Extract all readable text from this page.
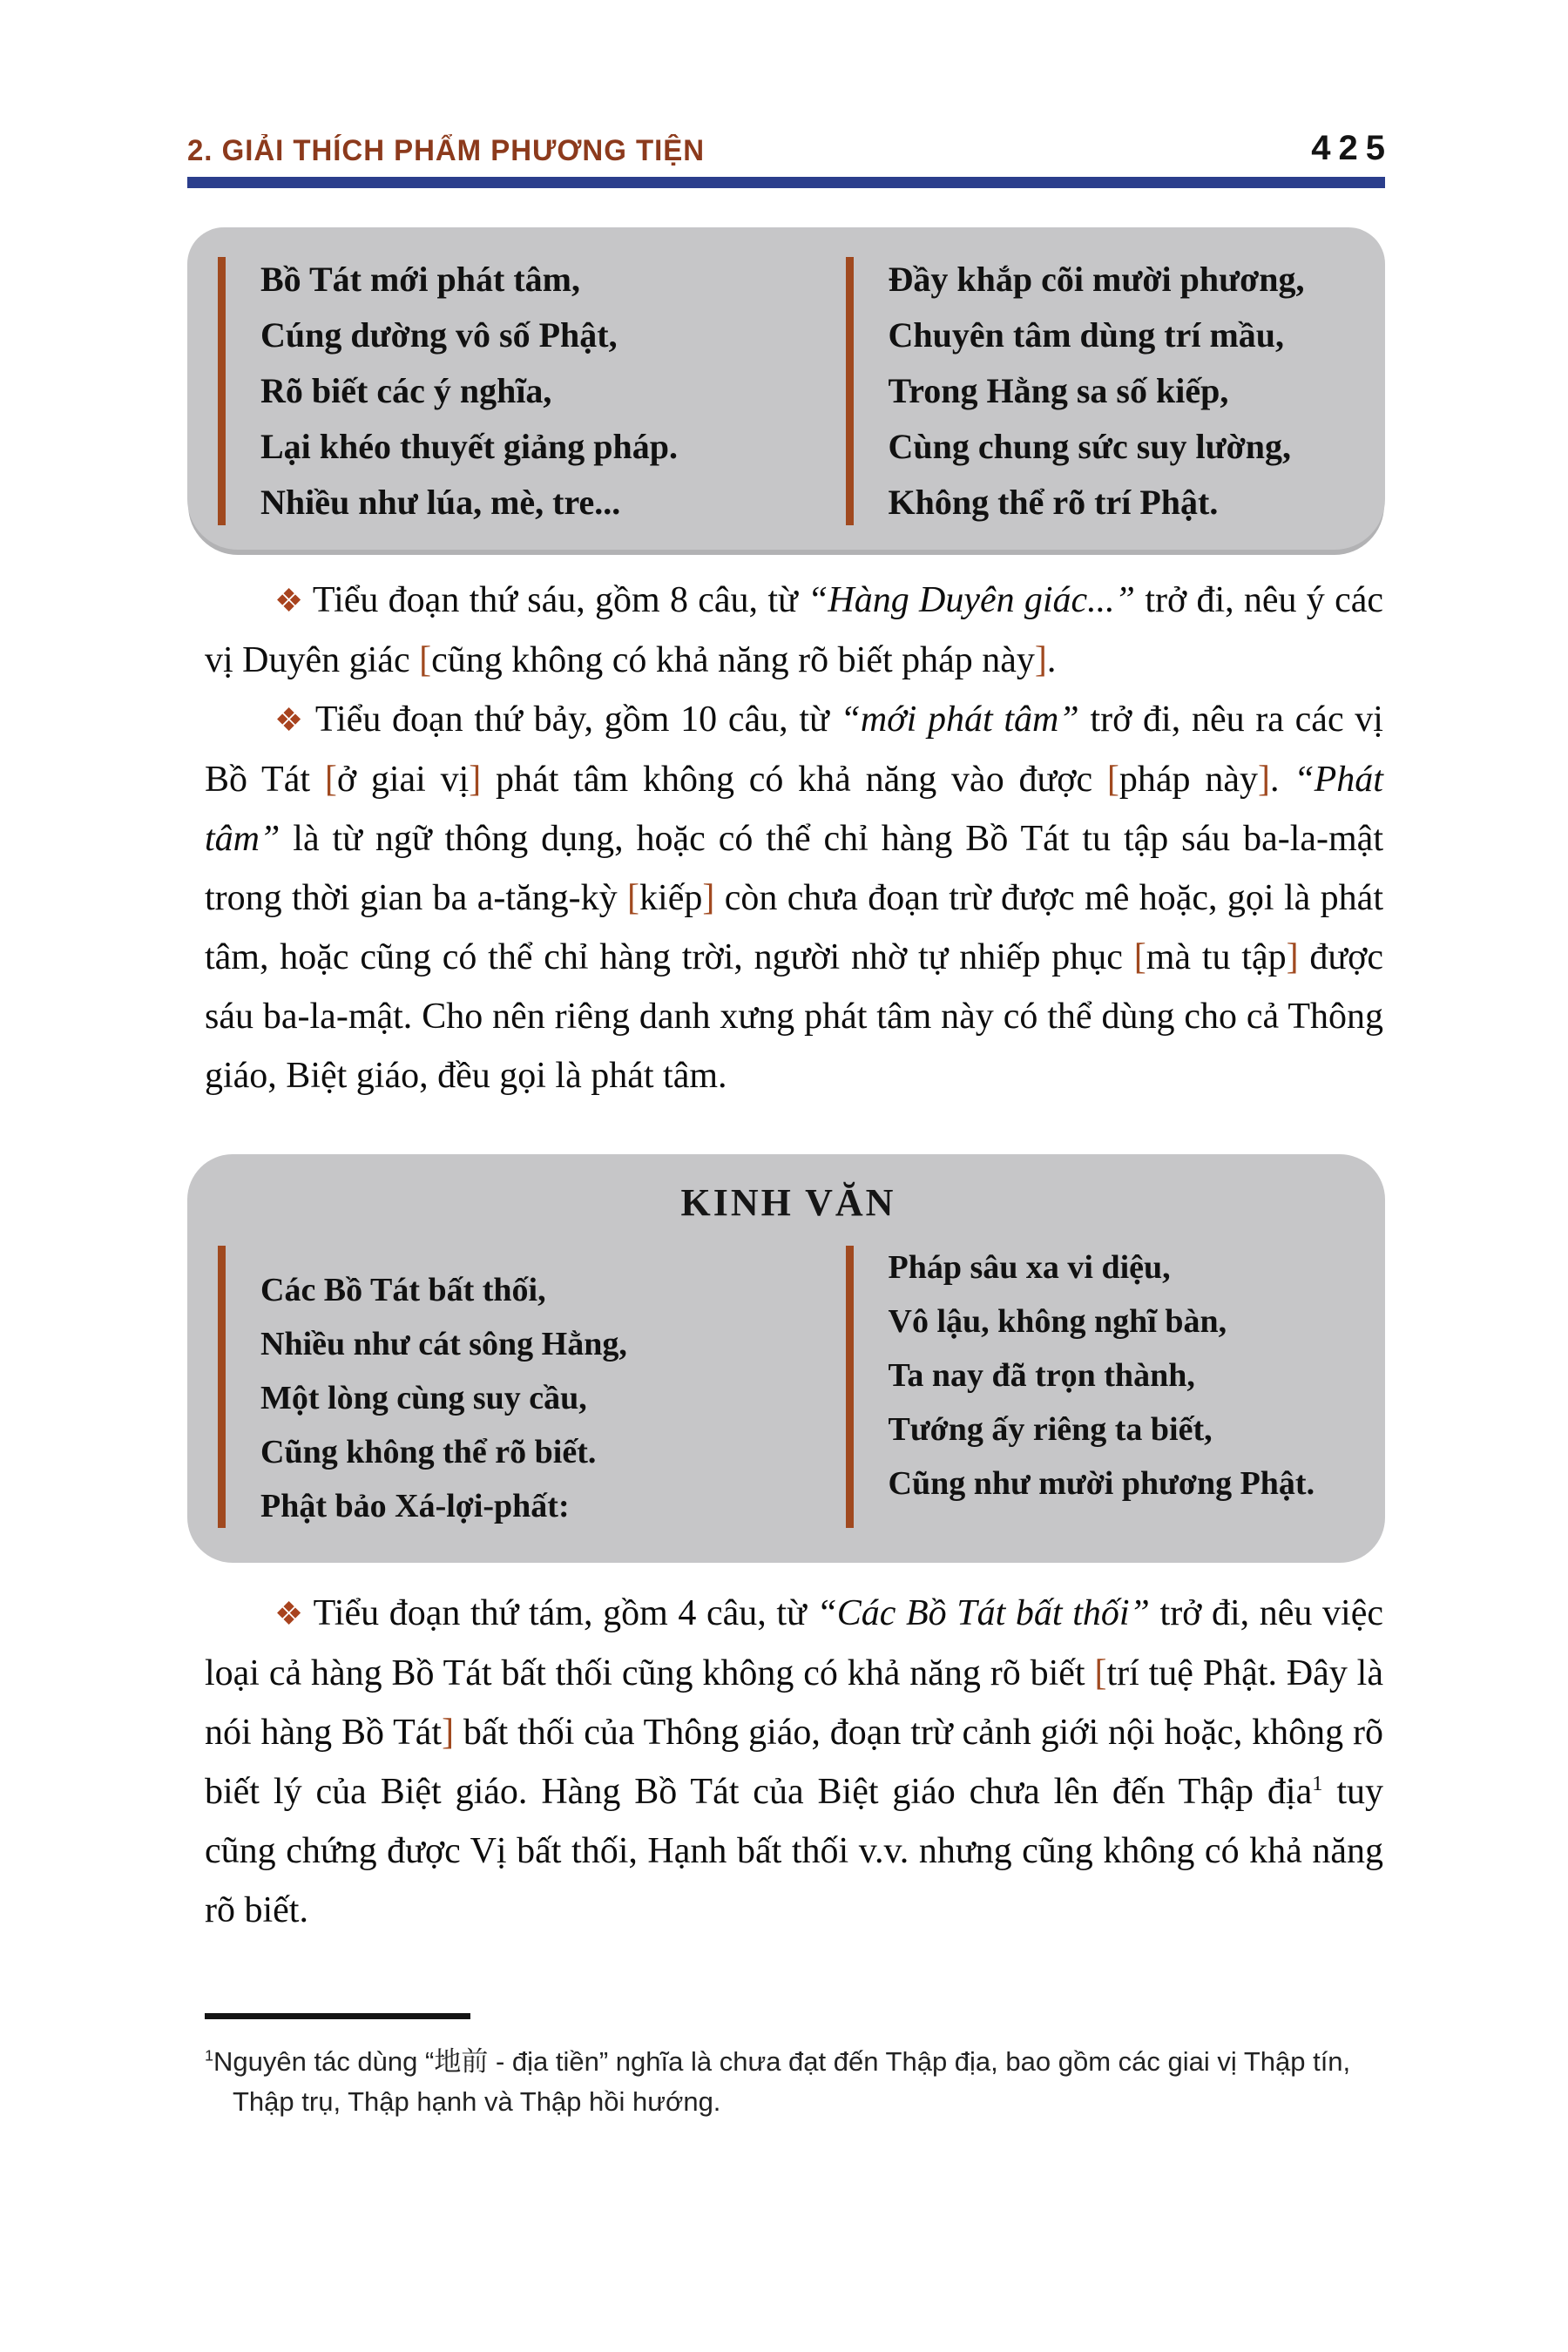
2. GIẢI THÍCH PHẨM PHƯƠNG TIỆN	425
Bồ Tát mới phát tâm,
Cúng dường vô số Phật,
Rõ biết các ý nghĩa,
Lại khéo thuyết giảng pháp.
Nhiều như lúa, mè, tre...
Đầy khắp cõi mười phương,
Chuyên tâm dùng trí mầu,
Trong Hằng sa số kiếp,
Cùng chung sức suy lường,
Không thể rõ trí Phật.

❖ Tiểu đoạn thứ sáu, gồm 8 câu, từ “Hàng Duyên giác...” trở đi, nêu ý các vị Duyên giác [cũng không có khả năng rõ biết pháp này].

❖ Tiểu đoạn thứ bảy, gồm 10 câu, từ “mới phát tâm” trở đi, nêu ra các vị Bồ Tát [ở giai vị] phát tâm không có khả năng vào được [pháp này]. “Phát tâm” là từ ngữ thông dụng, hoặc có thể chỉ hàng Bồ Tát tu tập sáu ba-la-mật trong thời gian ba a-tăng-kỳ [kiếp] còn chưa đoạn trừ được mê hoặc, gọi là phát tâm, hoặc cũng có thể chỉ hàng trời, người nhờ tự nhiếp phục [mà tu tập] được sáu ba-la-mật. Cho nên riêng danh xưng phát tâm này có thể dùng cho cả Thông giáo, Biệt giáo, đều gọi là phát tâm.

KINH VĂN
Các Bồ Tát bất thối,
Nhiều như cát sông Hằng,
Một lòng cùng suy cầu,
Cũng không thể rõ biết.
Phật bảo Xá-lợi-phất:
Pháp sâu xa vi diệu,
Vô lậu, không nghĩ bàn,
Ta nay đã trọn thành,
Tướng ấy riêng ta biết,
Cũng như mười phương Phật.

❖ Tiểu đoạn thứ tám, gồm 4 câu, từ “Các Bồ Tát bất thối” trở đi, nêu việc loại cả hàng Bồ Tát bất thối cũng không có khả năng rõ biết [trí tuệ Phật. Đây là nói hàng Bồ Tát] bất thối của Thông giáo, đoạn trừ cảnh giới nội hoặc, không rõ biết lý của Biệt giáo. Hàng Bồ Tát của Biệt giáo chưa lên đến Thập địa$^1$ tuy cũng chứng được Vị bất thối, Hạnh bất thối v.v. nhưng cũng không có khả năng rõ biết.

$^1$Nguyên tác dùng “地前 - địa tiền” nghĩa là chưa đạt đến Thập địa, bao gồm các giai vị Thập tín, Thập trụ, Thập hạnh và Thập hồi hướng.
